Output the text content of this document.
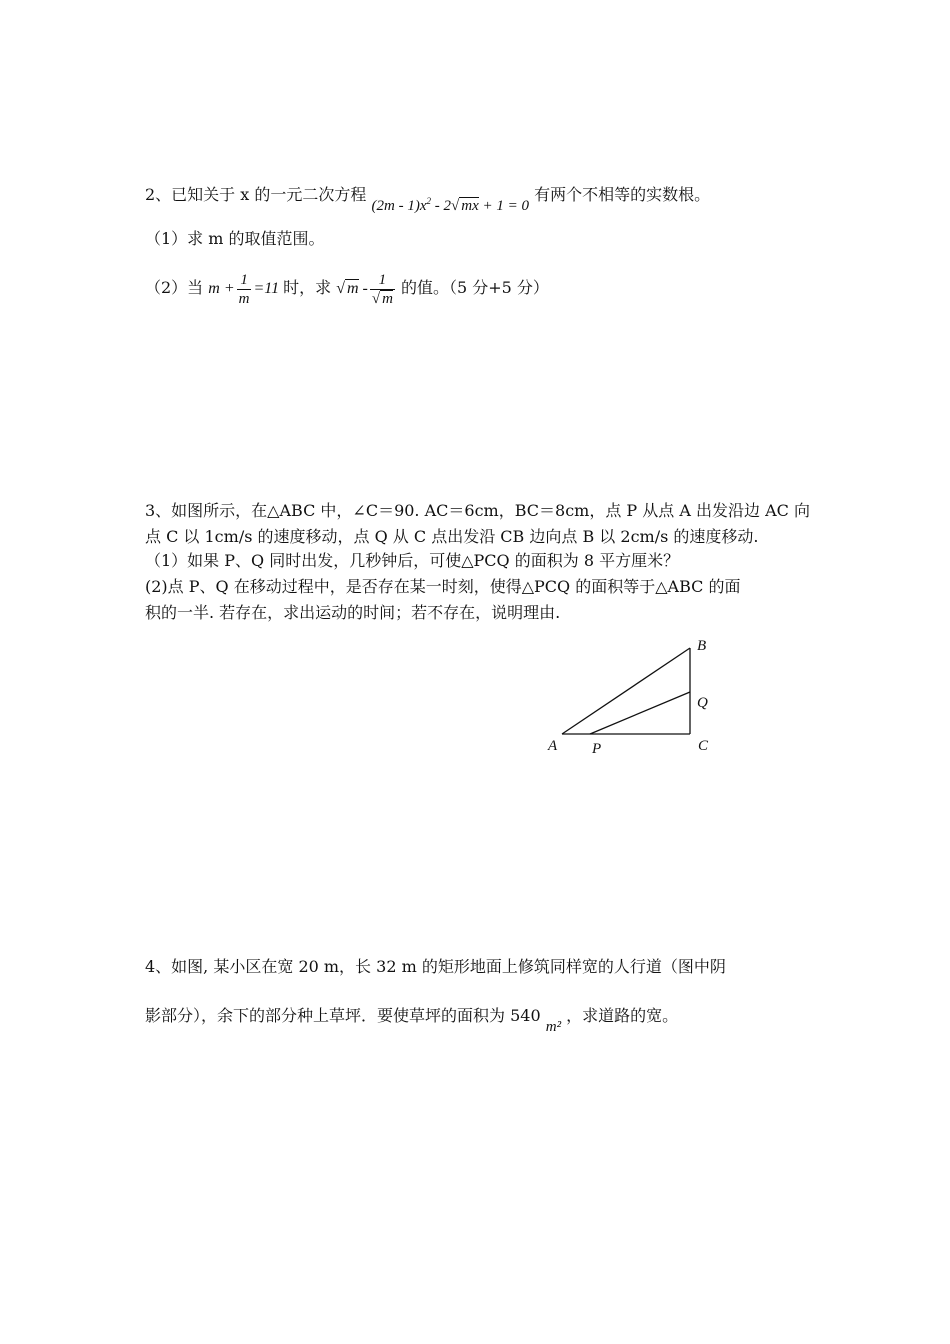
2、已知关于 x 的一元二次方程 $(2m - 1)x^2 - 2√$ mx + 1 = 0 有两个不相等的实数根。
（1）求 m 的取值范围。
（2）当 $m + \frac{1}{m} =11$ 时，求 √ m - $\frac{1}{√ m}$ 的值。（5 分+5 分）
3、如图所示，在△ABC 中，∠C＝90. AC＝6cm，BC＝8cm，点 P 从点 A 出发沿边 AC 向
点 C 以 1cm/s 的速度移动，点 Q 从 C 点出发沿 CB 边向点 B 以 2cm/s 的速度移动.
（1）如果 P、Q 同时出发，几秒钟后，可使△PCQ 的面积为 8 平方厘米？
(2)点 P、Q 在移动过程中，是否存在某一时刻，使得△PCQ 的面积等于△ABC 的面
积的一半. 若存在，求出运动的时间；若不存在，说明理由.
A
B
C
P
Q
4、如图, 某小区在宽 20 m，长 32 m 的矩形地面上修筑同样宽的人行道（图中阴
影部分），余下的部分种上草坪．要使草坪的面积为 540 m² ，求道路的宽。
